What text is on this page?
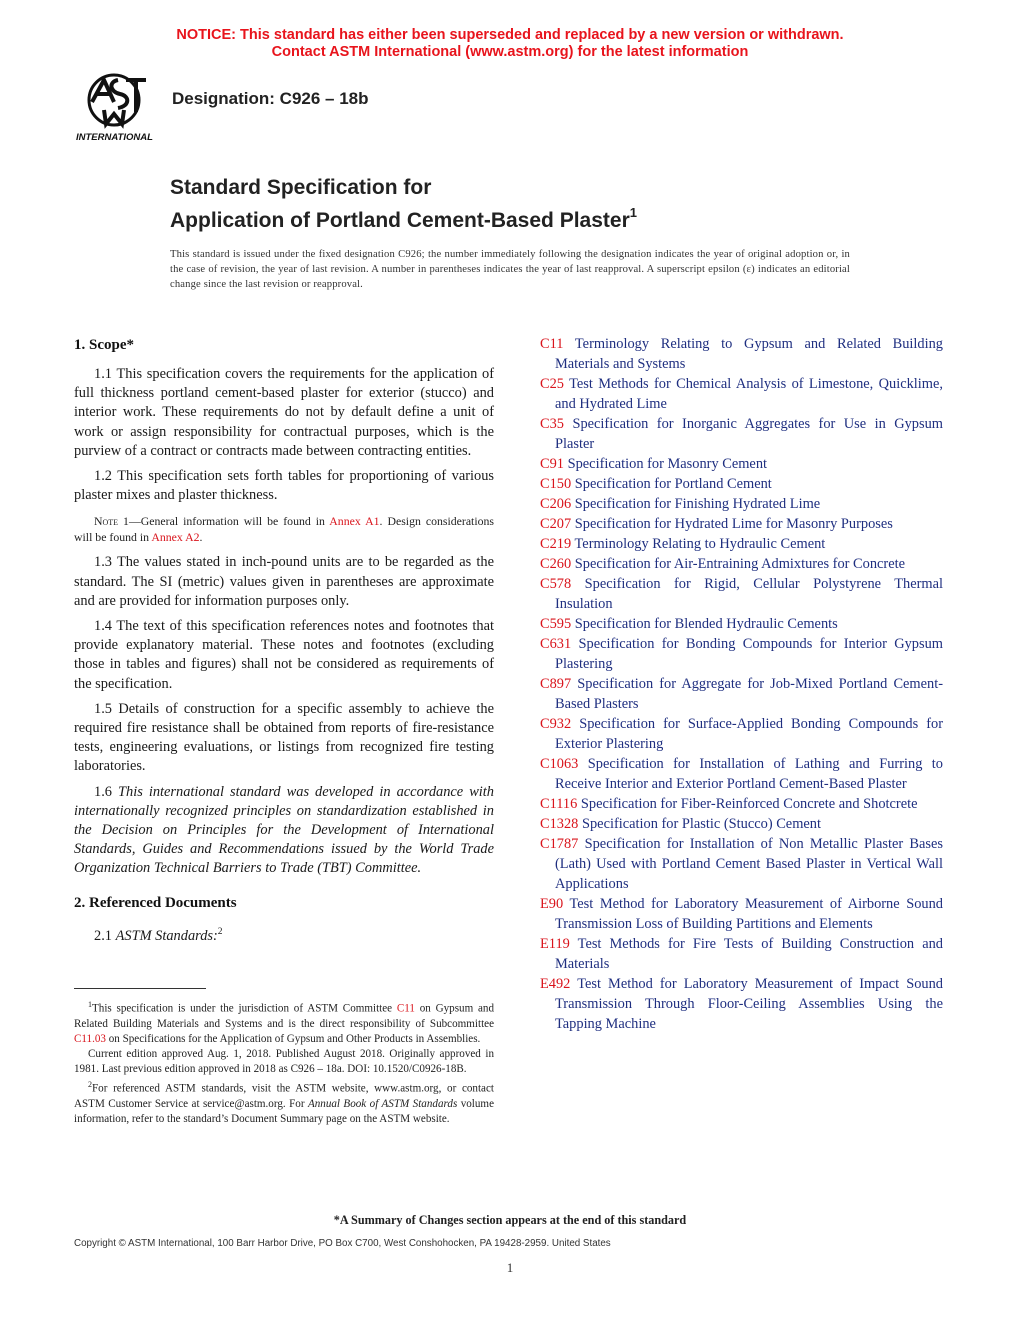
NOTICE: This standard has either been superseded and replaced by a new version or withdrawn.
Contact ASTM International (www.astm.org) for the latest information
INTERNATIONAL
Designation: C926 – 18b
Standard Specification for
Application of Portland Cement-Based Plaster$^1$
This standard is issued under the fixed designation C926; the number immediately following the designation indicates the year of original adoption or, in the case of revision, the year of last revision. A number in parentheses indicates the year of last reapproval. A superscript epsilon (ε) indicates an editorial change since the last revision or reapproval.
1. Scope*

1.1 This specification covers the requirements for the application of full thickness portland cement-based plaster for exterior (stucco) and interior work. These requirements do not by default define a unit of work or assign responsibility for contractual purposes, which is the purview of a contract or contracts made between contracting entities.

1.2 This specification sets forth tables for proportioning of various plaster mixes and plaster thickness.

Note 1—General information will be found in Annex A1. Design considerations will be found in Annex A2.

1.3 The values stated in inch-pound units are to be regarded as the standard. The SI (metric) values given in parentheses are approximate and are provided for information purposes only.

1.4 The text of this specification references notes and footnotes that provide explanatory material. These notes and footnotes (excluding those in tables and figures) shall not be considered as requirements of the specification.

1.5 Details of construction for a specific assembly to achieve the required fire resistance shall be obtained from reports of fire-resistance tests, engineering evaluations, or listings from recognized fire testing laboratories.

1.6 This international standard was developed in accordance with internationally recognized principles on standardization established in the Decision on Principles for the Development of International Standards, Guides and Recommendations issued by the World Trade Organization Technical Barriers to Trade (TBT) Committee.

2. Referenced Documents

2.1 ASTM Standards:$^2$

C11 Terminology Relating to Gypsum and Related Building Materials and Systems

C25 Test Methods for Chemical Analysis of Limestone, Quicklime, and Hydrated Lime

C35 Specification for Inorganic Aggregates for Use in Gypsum Plaster

C91 Specification for Masonry Cement

C150 Specification for Portland Cement

C206 Specification for Finishing Hydrated Lime

C207 Specification for Hydrated Lime for Masonry Purposes

C219 Terminology Relating to Hydraulic Cement

C260 Specification for Air-Entraining Admixtures for Concrete

C578 Specification for Rigid, Cellular Polystyrene Thermal Insulation

C595 Specification for Blended Hydraulic Cements

C631 Specification for Bonding Compounds for Interior Gypsum Plastering

C897 Specification for Aggregate for Job-Mixed Portland Cement-Based Plasters

C932 Specification for Surface-Applied Bonding Compounds for Exterior Plastering

C1063 Specification for Installation of Lathing and Furring to Receive Interior and Exterior Portland Cement-Based Plaster

C1116 Specification for Fiber-Reinforced Concrete and Shotcrete

C1328 Specification for Plastic (Stucco) Cement

C1787 Specification for Installation of Non Metallic Plaster Bases (Lath) Used with Portland Cement Based Plaster in Vertical Wall Applications

E90 Test Method for Laboratory Measurement of Airborne Sound Transmission Loss of Building Partitions and Elements

E119 Test Methods for Fire Tests of Building Construction and Materials

E492 Test Method for Laboratory Measurement of Impact Sound Transmission Through Floor-Ceiling Assemblies Using the Tapping Machine

$^1$This specification is under the jurisdiction of ASTM Committee C11 on Gypsum and Related Building Materials and Systems and is the direct responsibility of Subcommittee C11.03 on Specifications for the Application of Gypsum and Other Products in Assemblies.

Current edition approved Aug. 1, 2018. Published August 2018. Originally approved in 1981. Last previous edition approved in 2018 as C926 – 18a. DOI: 10.1520/C0926-18B.

$^2$For referenced ASTM standards, visit the ASTM website, www.astm.org, or contact ASTM Customer Service at service@astm.org. For Annual Book of ASTM Standards volume information, refer to the standard’s Document Summary page on the ASTM website.

*A Summary of Changes section appears at the end of this standard
Copyright © ASTM International, 100 Barr Harbor Drive, PO Box C700, West Conshohocken, PA 19428-2959. United States
1
